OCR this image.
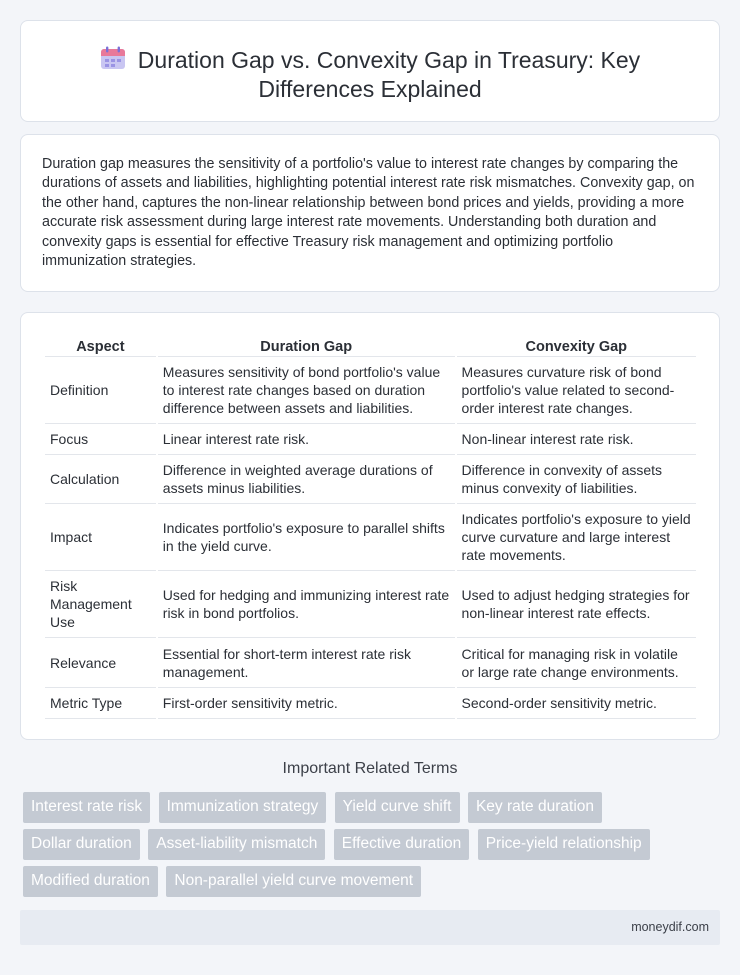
Duration Gap vs. Convexity Gap in Treasury: Key
Differences Explained

Duration gap measures the sensitivity of a portfolio's value to interest rate changes by comparing the durations of assets and liabilities, highlighting potential interest rate risk mismatches. Convexity gap, on the other hand, captures the non-linear relationship between bond prices and yields, providing a more accurate risk assessment during large interest rate movements. Understanding both duration and convexity gaps is essential for effective Treasury risk management and optimizing portfolio immunization strategies.

Aspect	Duration Gap	Convexity Gap
Definition	Measures sensitivity of bond portfolio's value to interest rate changes based on duration difference between assets and liabilities.	Measures curvature risk of bond portfolio's value related to second-order interest rate changes.
Focus	Linear interest rate risk.	Non-linear interest rate risk.
Calculation	Difference in weighted average durations of assets minus liabilities.	Difference in convexity of assets minus convexity of liabilities.
Impact	Indicates portfolio's exposure to parallel shifts in the yield curve.	Indicates portfolio's exposure to yield curve curvature and large interest rate movements.
Risk Management Use	Used for hedging and immunizing interest rate risk in bond portfolios.	Used to adjust hedging strategies for non-linear interest rate effects.
Relevance	Essential for short-term interest rate risk management.	Critical for managing risk in volatile or large rate change environments.
Metric Type	First-order sensitivity metric.	Second-order sensitivity metric.
Important Related Terms
Interest rate risk Immunization strategy Yield curve shift Key rate duration Dollar duration Asset-liability mismatch Effective duration Price-yield relationship Modified duration Non-parallel yield curve movement
moneydif.com
